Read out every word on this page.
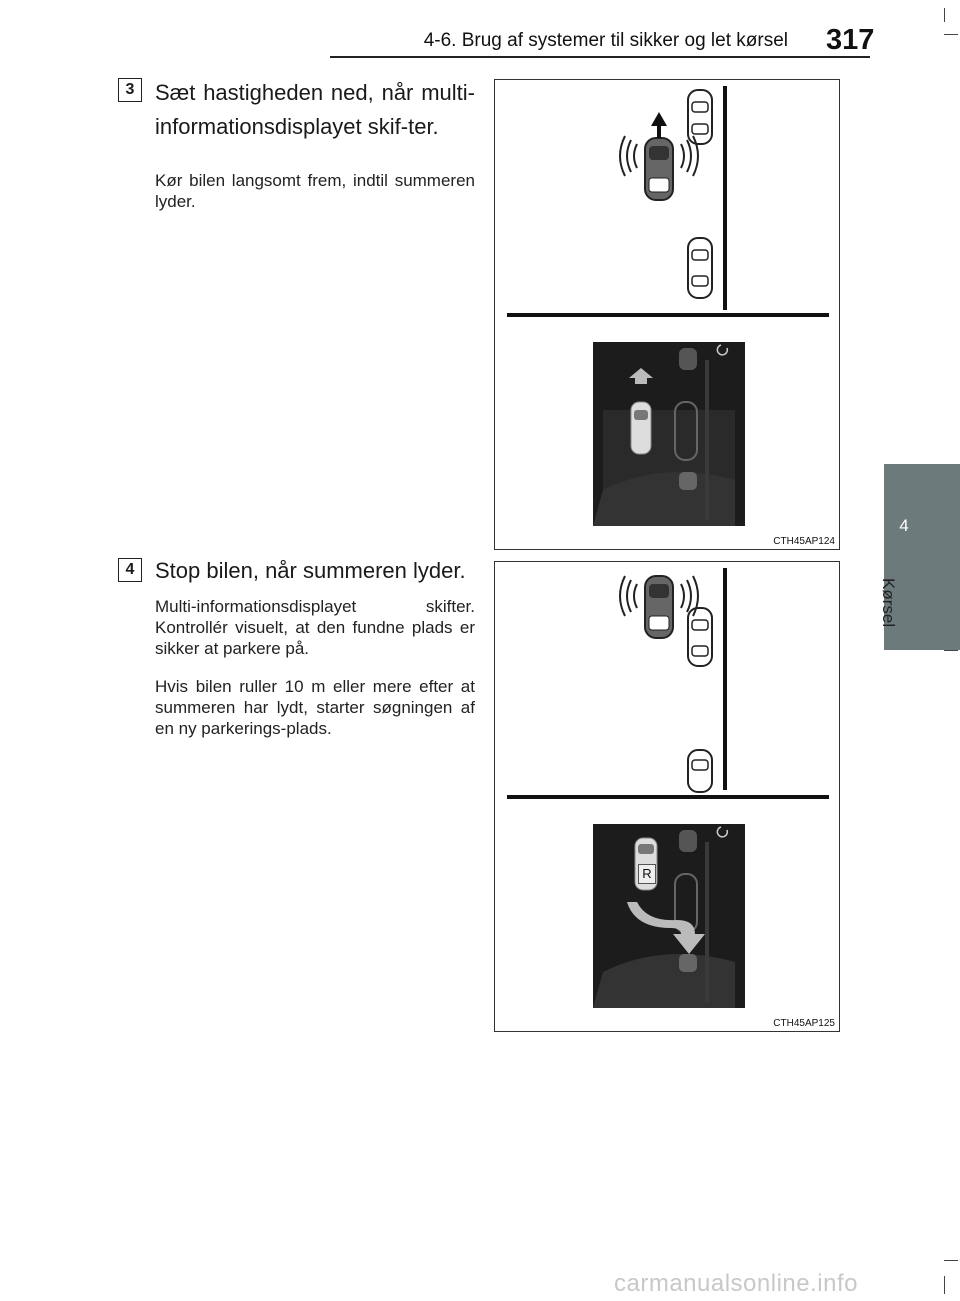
4-6. Brug af systemer til sikker og let kørsel 317
4
Kørsel
3 Sæt hastigheden ned, når multi-informationsdisplayet skif-ter.

Kør bilen langsomt frem, indtil summeren lyder.

CTH45AP124
4 Stop bilen, når summeren lyder.

Multi-informationsdisplayet skifter. Kontrollér visuelt, at den fundne plads er sikker at parkere på.

Hvis bilen ruller 10 m eller mere efter at summeren har lydt, starter søgningen af en ny parkerings-plads.

R
CTH45AP125
carmanualsonline.info
